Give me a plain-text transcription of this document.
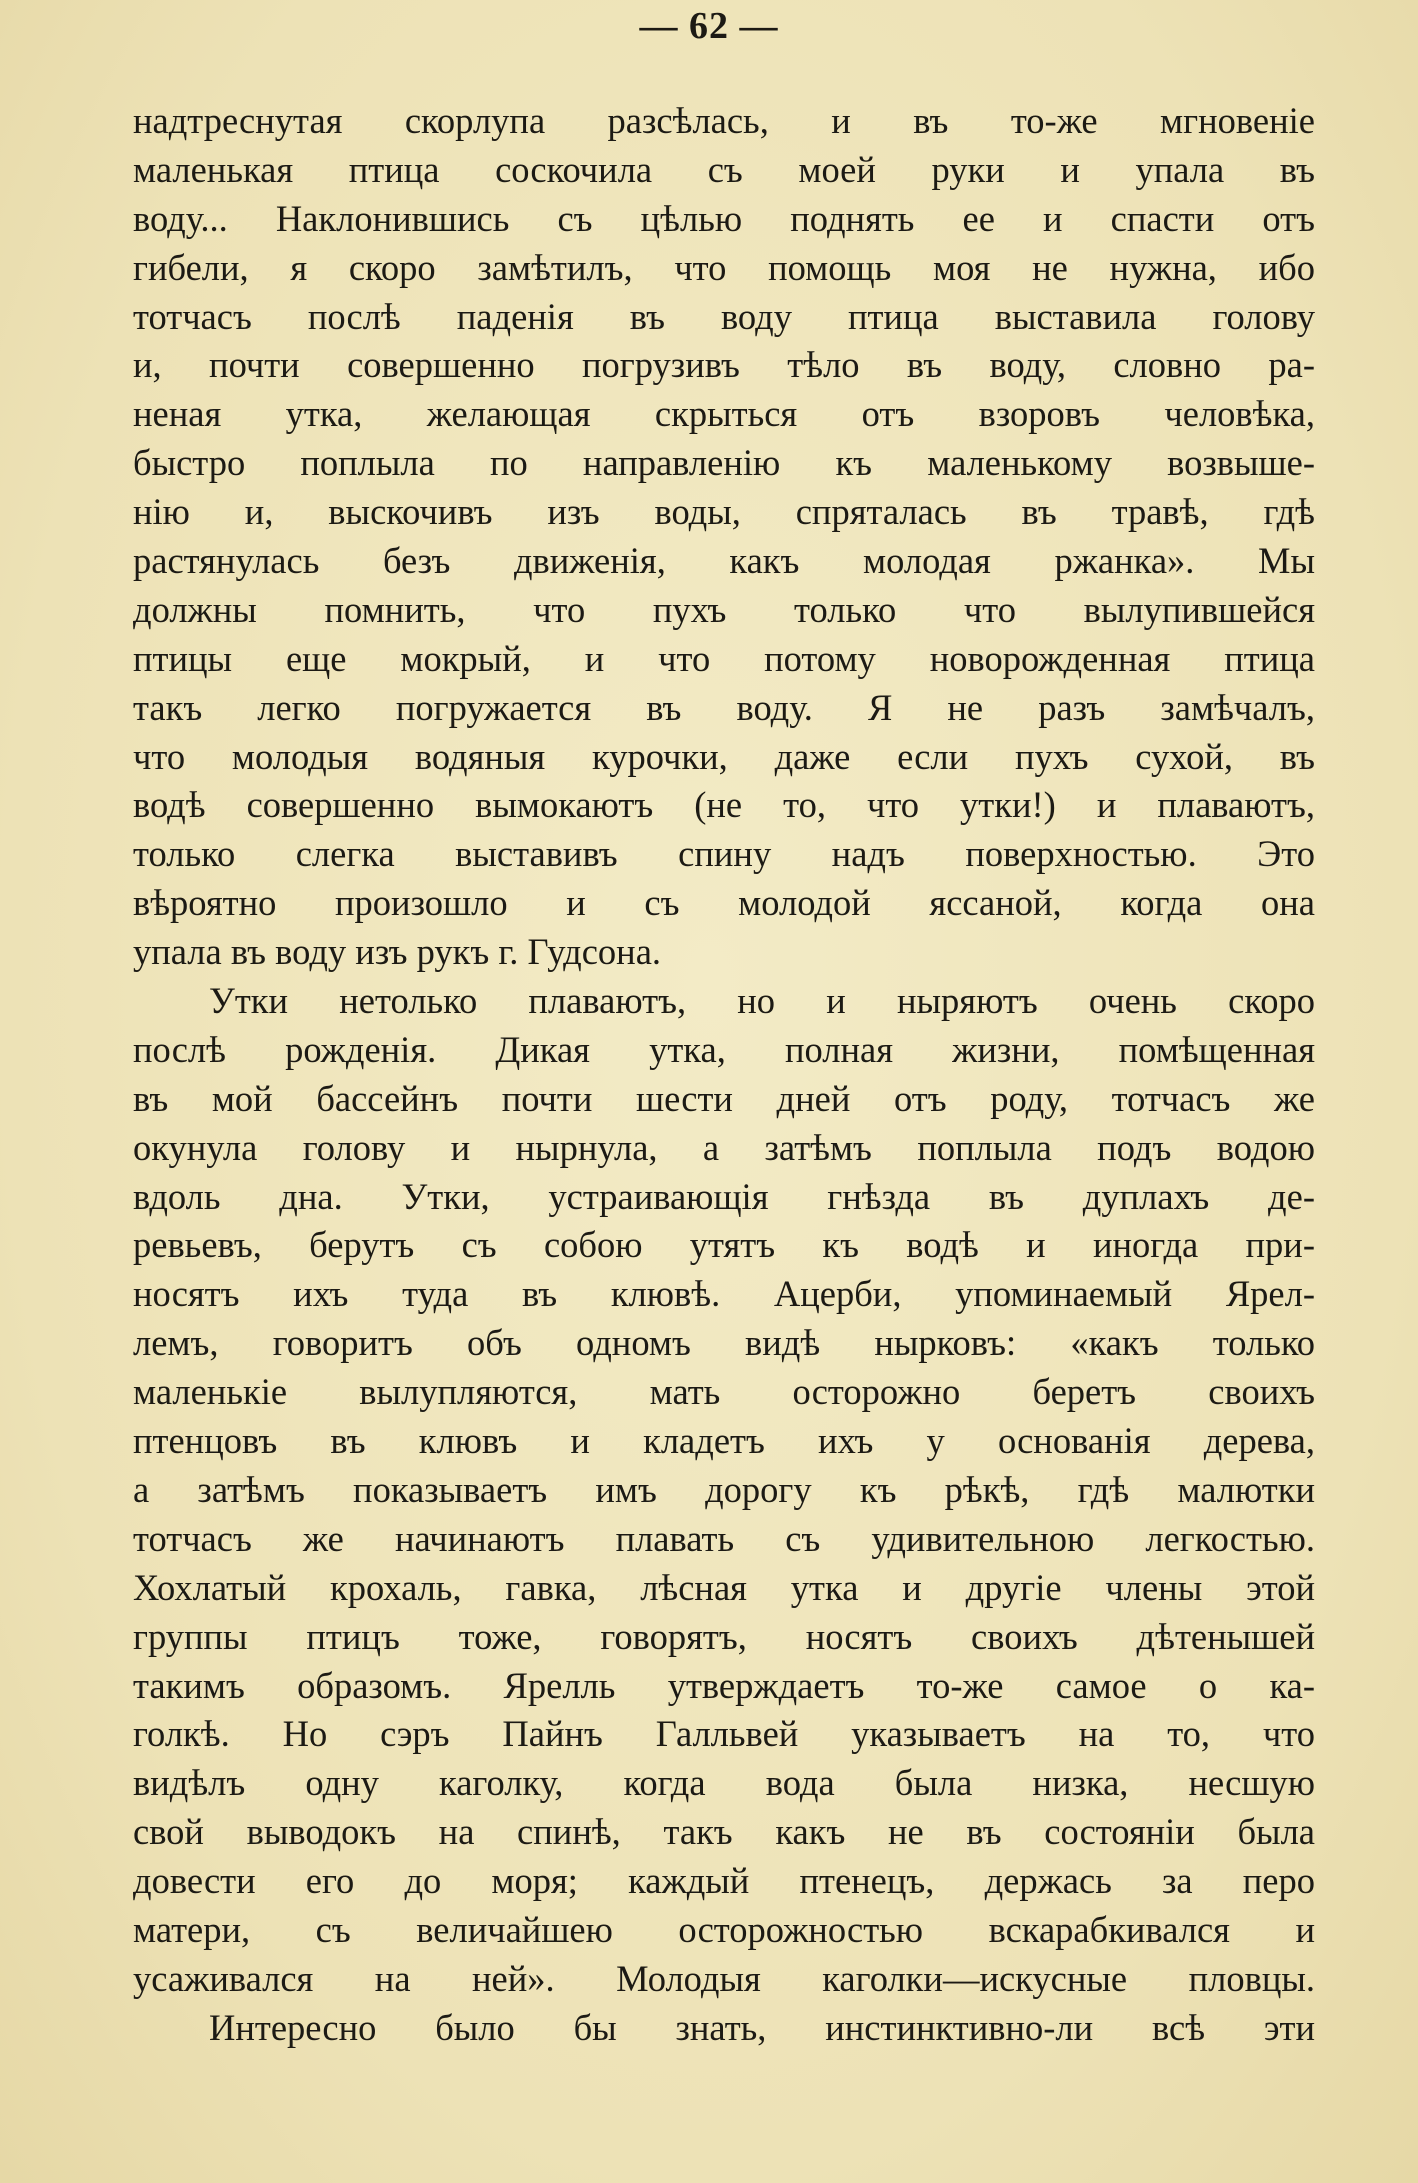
— 62 —
надтреснутая скорлупа разсѣлась, и въ то-же мгновеніе
маленькая птица соскочила съ моей руки и упала въ
воду... Наклонившись съ цѣлью поднять ее и спасти отъ
гибели, я скоро замѣтилъ, что помощь моя не нужна, ибо
тотчасъ послѣ паденія въ воду птица выставила голову
и, почти совершенно погрузивъ тѣло въ воду, словно ра-
неная утка, желающая скрыться отъ взоровъ человѣка,
быстро поплыла по направленію къ маленькому возвыше-
нію и, выскочивъ изъ воды, спряталась въ травѣ, гдѣ
растянулась безъ движенія, какъ молодая ржанка». Мы
должны помнить, что пухъ только что вылупившейся
птицы еще мокрый, и что потому новорожденная птица
такъ легко погружается въ воду. Я не разъ замѣчалъ,
что молодыя водяныя курочки, даже если пухъ сухой, въ
водѣ совершенно вымокаютъ (не то, что утки!) и плаваютъ,
только слегка выставивъ спину надъ поверхностью. Это
вѣроятно произошло и съ молодой яссаной, когда она
упала въ воду изъ рукъ г. Гудсона.
Утки нетолько плаваютъ, но и ныряютъ очень скоро
послѣ рожденія. Дикая утка, полная жизни, помѣщенная
въ мой бассейнъ почти шести дней отъ роду, тотчасъ же
окунула голову и нырнула, а затѣмъ поплыла подъ водою
вдоль дна. Утки, устраивающія гнѣзда въ дуплахъ де-
ревьевъ, берутъ съ собою утятъ къ водѣ и иногда при-
носятъ ихъ туда въ клювѣ. Ацерби, упоминаемый Ярел-
лемъ, говоритъ объ одномъ видѣ нырковъ: «какъ только
маленькіе вылупляются, мать осторожно беретъ своихъ
птенцовъ въ клювъ и кладетъ ихъ у основанія дерева,
а затѣмъ показываетъ имъ дорогу къ рѣкѣ, гдѣ малютки
тотчасъ же начинаютъ плавать съ удивительною легкостью.
Хохлатый крохаль, гавка, лѣсная утка и другіе члены этой
группы птицъ тоже, говорятъ, носятъ своихъ дѣтенышей
такимъ образомъ. Ярелль утверждаетъ то-же самое о ка-
голкѣ. Но сэръ Пайнъ Галльвей указываетъ на то, что
видѣлъ одну каголку, когда вода была низка, несшую
свой выводокъ на спинѣ, такъ какъ не въ состояніи была
довести его до моря; каждый птенецъ, держась за перо
матери, съ величайшею осторожностью вскарабкивался и
усаживался на ней». Молодыя каголки—искусные пловцы.
Интересно было бы знать, инстинктивно-ли всѣ эти
